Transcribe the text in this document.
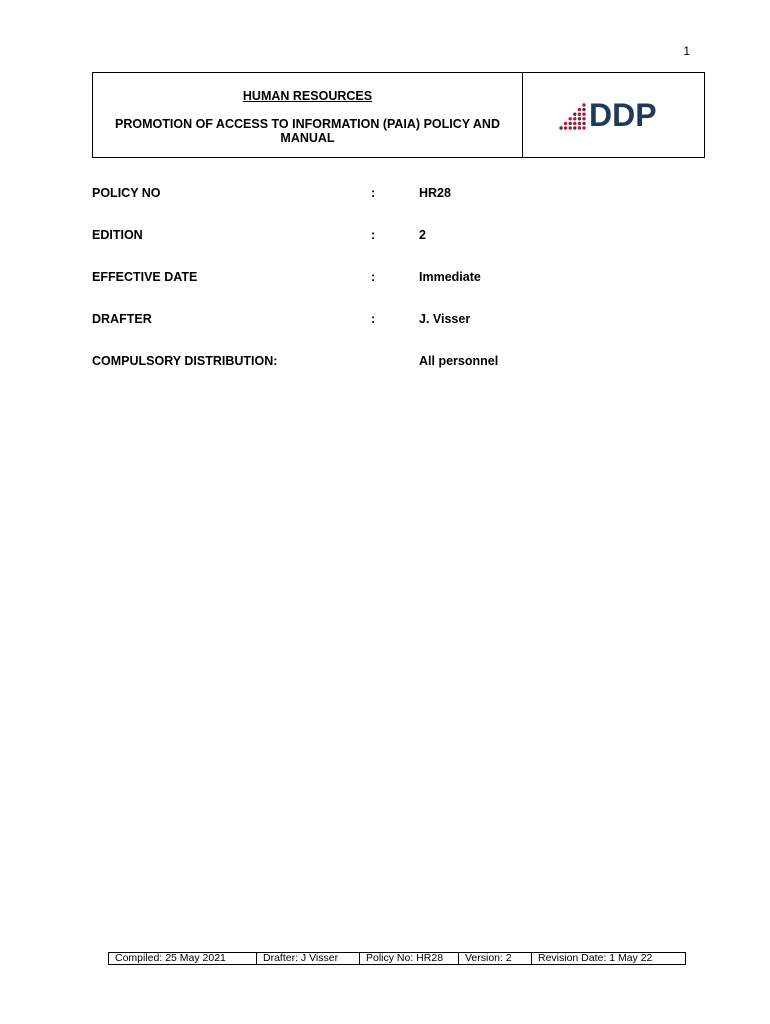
1
HUMAN RESOURCES
PROMOTION OF ACCESS TO INFORMATION (PAIA) POLICY AND MANUAL
DDP
POLICY NO	:	HR28
EDITION	:	2
EFFECTIVE DATE	:	Immediate
DRAFTER	:	J. Visser
COMPULSORY DISTRIBUTION:	All personnel
Compiled: 25 May 2021	Drafter: J Visser	Policy No: HR28	Version: 2	Revision Date: 1 May 22
